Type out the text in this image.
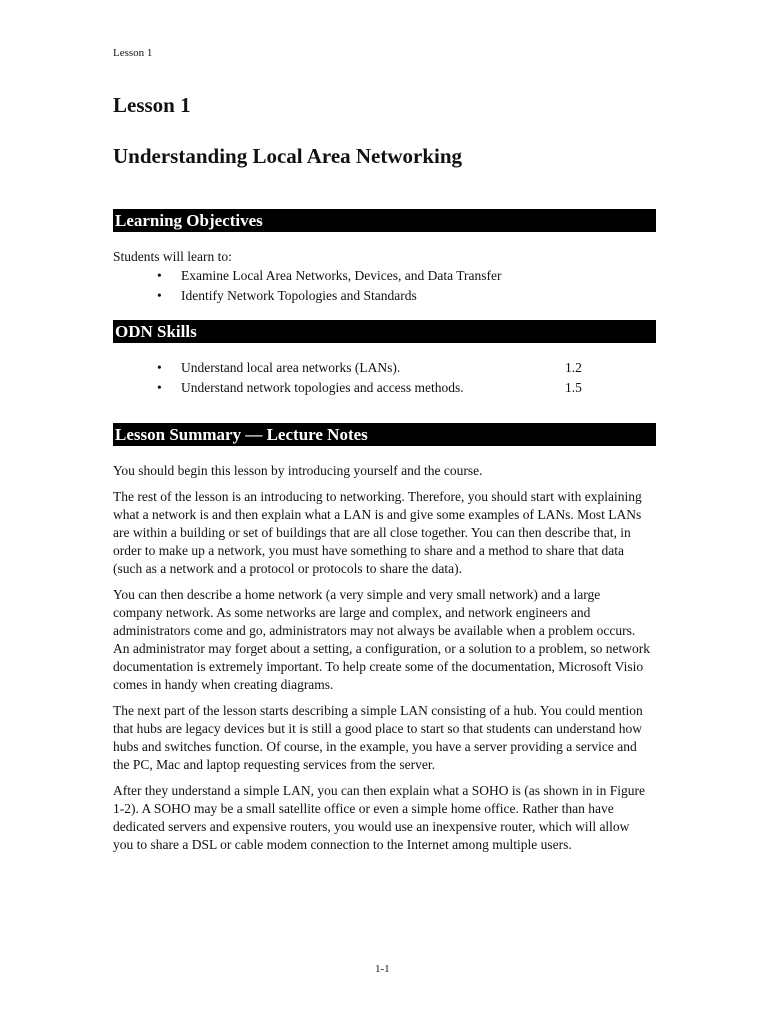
Lesson 1
Lesson 1
Understanding Local Area Networking
Learning Objectives
Students will learn to:
• Examine Local Area Networks, Devices, and Data Transfer
• Identify Network Topologies and Standards
ODN Skills
• Understand local area networks (LANs).	1.2
• Understand network topologies and access methods.	1.5
Lesson Summary — Lecture Notes

You should begin this lesson by introducing yourself and the course.

The rest of the lesson is an introducing to networking. Therefore, you should start with explaining what a network is and then explain what a LAN is and give some examples of LANs. Most LANs are within a building or set of buildings that are all close together. You can then describe that, in order to make up a network, you must have something to share and a method to share that data (such as a network and a protocol or protocols to share the data).

You can then describe a home network (a very simple and very small network) and a large company network. As some networks are large and complex, and network engineers and administrators come and go, administrators may not always be available when a problem occurs. An administrator may forget about a setting, a configuration, or a solution to a problem, so network documentation is extremely important. To help create some of the documentation, Microsoft Visio comes in handy when creating diagrams.

The next part of the lesson starts describing a simple LAN consisting of a hub. You could mention that hubs are legacy devices but it is still a good place to start so that students can understand how hubs and switches function. Of course, in the example, you have a server providing a service and the PC, Mac and laptop requesting services from the server.

After they understand a simple LAN, you can then explain what a SOHO is (as shown in in Figure 1-2). A SOHO may be a small satellite office or even a simple home office. Rather than have dedicated servers and expensive routers, you would use an inexpensive router, which will allow you to share a DSL or cable modem connection to the Internet among multiple users.

1-1
